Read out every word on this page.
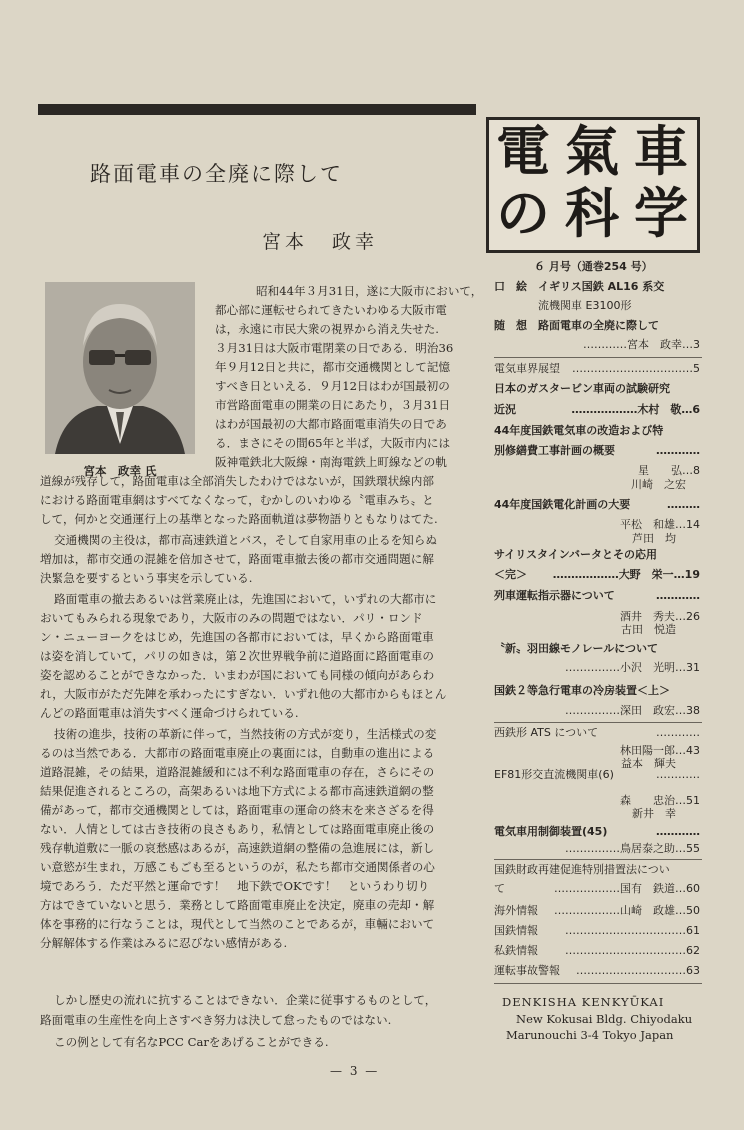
路面電車の全廃に際して
宮本 政幸
宮本　政幸 氏
昭和44年３月31日，遂に大阪市において，
都心部に運転せられてきたいわゆる大阪市電
は，永遠に市民大衆の視界から消え失せた.
３月31日は大阪市電閉業の日である．明治36
年９月12日と共に，都市交通機関として記憶
すべき日といえる．９月12日はわが国最初の
市営路面電車の開業の日にあたり，３月31日
はわが国最初の大都市路面電車消失の日であ
る．まさにその間65年と半ば，大阪市内には
阪神電鉄北大阪線・南海電鉄上町線などの軌
道線が残存して，路面電車は全部消失したわけではないが，国鉄環状線内部
における路面電車網はすべてなくなって，むかしのいわゆる〝電車みち〟と
して，何かと交通運行上の基準となった路面軌道は夢物語りともなりはてた.
交通機関の主役は，都市高速鉄道とバス，そして自家用車の止るを知らぬ
増加は，都市交通の混雑を倍加させて，路面電車撤去後の都市交通問題に解
決緊急を要するという事実を示している.
路面電車の撤去あるいは営業廃止は，先進国において，いずれの大都市に
おいてもみられる現象であり，大阪市のみの問題ではない．パリ・ロンド
ン・ニューヨークをはじめ，先進国の各都市においては，早くから路面電車
は姿を消していて，パリの如きは，第２次世界戦争前に道路面に路面電車の
姿を認めることができなかった．いまわが国においても同様の傾向があらわ
れ，大阪市がただ先陣を承わったにすぎない．いずれ他の大都市からもほとん
んどの路面電車は消失すべく運命づけられている.
技術の進歩，技術の革新に伴って，当然技術の方式が変り，生活様式の変
るのは当然である．大都市の路面電車廃止の裏面には，自動車の進出による
道路混雑，その結果，道路混雑緩和には不利な路面電車の存在，さらにその
結果促進されるところの，高架あるいは地下方式による都市高速鉄道網の整
備があって，都市交通機関としては，路面電車の運命の終末を来さざるを得
ない．人情としては古き技術の良さもあり，私情としては路面電車廃止後の
残存軌道敷に一脈の哀愁感はあるが，高速鉄道網の整備の急進展には，新し
い意慾が生まれ，万感こもごも至るというのが，私たち都市交通関係者の心
境であろう．ただ平然と運命です！　地下鉄でOKです！　というわり切り
方はできていないと思う．業務として路面電車廃止を決定，廃車の売却・解
体を事務的に行なうことは，現代として当然のことであるが，車輛において
分解解体する作業はみるに忍びない感情がある.
しかし歴史の流れに抗することはできない．企業に従事するものとして，
路面電車の生産性を向上さすべき努力は決して怠ったものではない.
この例として有名なPCC Carをあげることができる.
電 氣 車
の 科 学
６ 月号（通巻254 号）
口　絵　イギリス国鉄 AL16 系交
　　　　流機関車 E3100形
随　想　路面電車の全廃に際して
…………宮本　政幸…3
電気車界展望 ……………………………5
日本のガスタービン車両の試験研究
近況	………………木村　敬…6
44年度国鉄電気車の改造および特
別修繕費工事計画の概要	…………
星　　弘…8
川崎　之宏
44年度国鉄電化計画の大要	………
平松　和雄…14
芦田　均
サイリスタインバータとその応用
＜完＞ ………………大野　栄一…19
列車運転指示器について	…………
酒井　秀夫…26
古田　悦造
〝新〟羽田線モノレールについて
……………小沢　光明…31
国鉄２等急行電車の冷房装置＜上＞
……………深田　政宏…38
西鉄形 ATS について	…………
林田陽一郎…43
益本　輝夫
EF81形交直流機関車(6)	…………
森　　忠治…51
新井　幸
電気車用制御装置(45)	…………
……………鳥居泰之助…55
国鉄財政再建促進特別措置法につい
て	………………国有　鉄道…60
海外情報 ………………山崎　政雄…50
国鉄情報 ……………………………61
私鉄情報 ……………………………62
運転事故警報 …………………………63
DENKISHA KENKYŪKAI
New Kokusai Bldg. Chiyodaku
Marunouchi 3-4 Tokyo Japan
— 3 —
